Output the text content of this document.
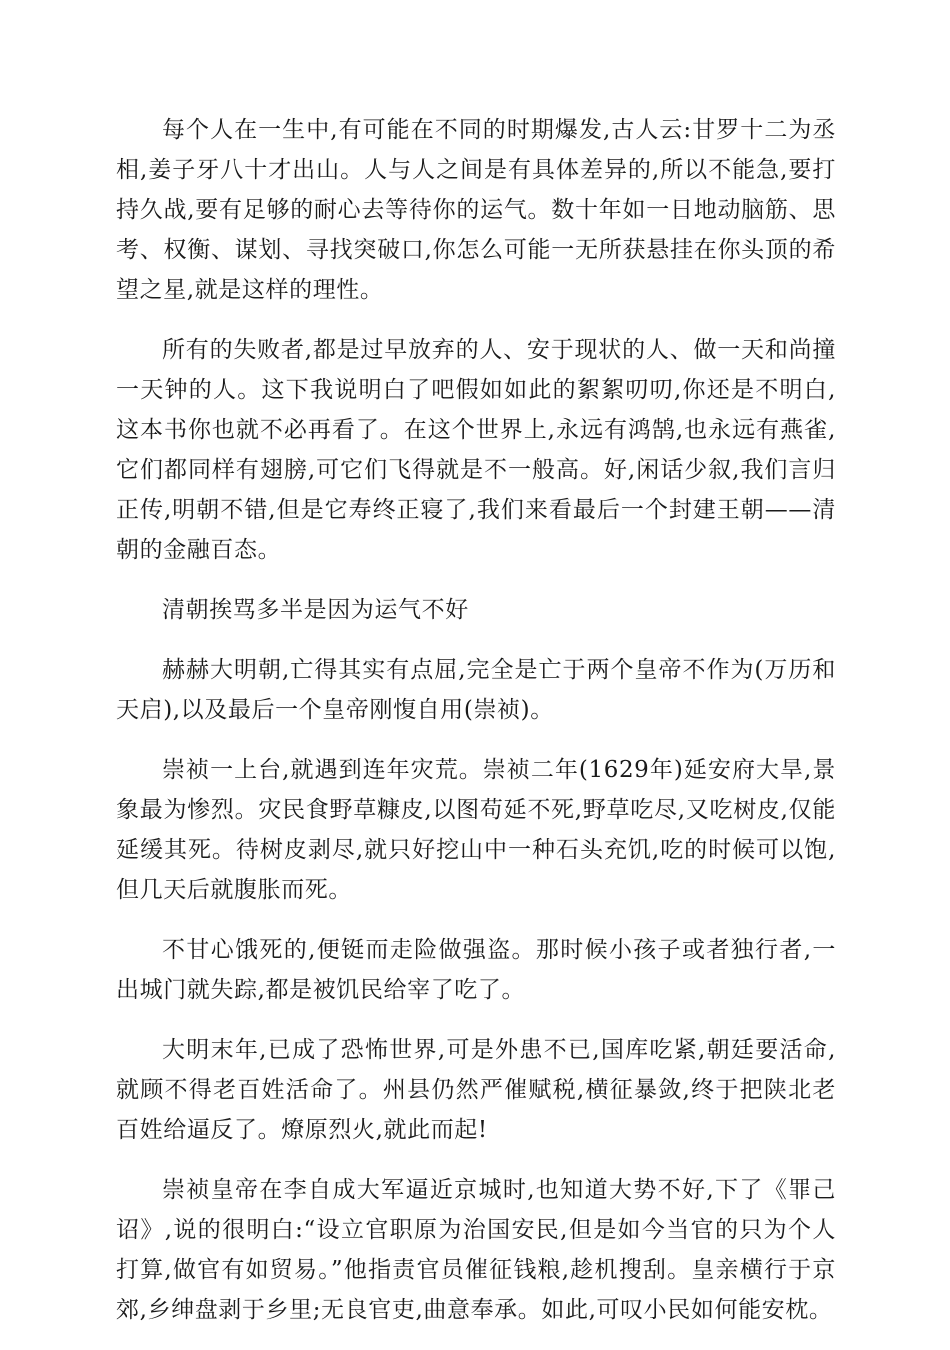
每个人在一生中,有可能在不同的时期爆发,古人云:甘罗十二为丞相,姜子牙八十才出山。人与人之间是有具体差异的,所以不能急,要打持久战,要有足够的耐心去等待你的运气。数十年如一日地动脑筋、思考、权衡、谋划、寻找突破口,你怎么可能一无所获悬挂在你头顶的希望之星,就是这样的理性。

所有的失败者,都是过早放弃的人、安于现状的人、做一天和尚撞一天钟的人。这下我说明白了吧假如如此的絮絮叨叨,你还是不明白,这本书你也就不必再看了。在这个世界上,永远有鸿鹄,也永远有燕雀,它们都同样有翅膀,可它们飞得就是不一般高。好,闲话少叙,我们言归正传,明朝不错,但是它寿终正寝了,我们来看最后一个封建王朝——清朝的金融百态。

清朝挨骂多半是因为运气不好

赫赫大明朝,亡得其实有点屈,完全是亡于两个皇帝不作为(万历和天启),以及最后一个皇帝刚愎自用(崇祯)。

崇祯一上台,就遇到连年灾荒。崇祯二年(1629年)延安府大旱,景象最为惨烈。灾民食野草糠皮,以图苟延不死,野草吃尽,又吃树皮,仅能延缓其死。待树皮剥尽,就只好挖山中一种石头充饥,吃的时候可以饱,但几天后就腹胀而死。

不甘心饿死的,便铤而走险做强盗。那时候小孩子或者独行者,一出城门就失踪,都是被饥民给宰了吃了。

大明末年,已成了恐怖世界,可是外患不已,国库吃紧,朝廷要活命,就顾不得老百姓活命了。州县仍然严催赋税,横征暴敛,终于把陕北老百姓给逼反了。燎原烈火,就此而起!

崇祯皇帝在李自成大军逼近京城时,也知道大势不好,下了《罪己诏》,说的很明白:“设立官职原为治国安民,但是如今当官的只为个人打算,做官有如贸易。”他指责官员催征钱粮,趁机搜刮。皇亲横行于京郊,乡绅盘剥于乡里;无良官吏,曲意奉承。如此,可叹小民如何能安枕。
